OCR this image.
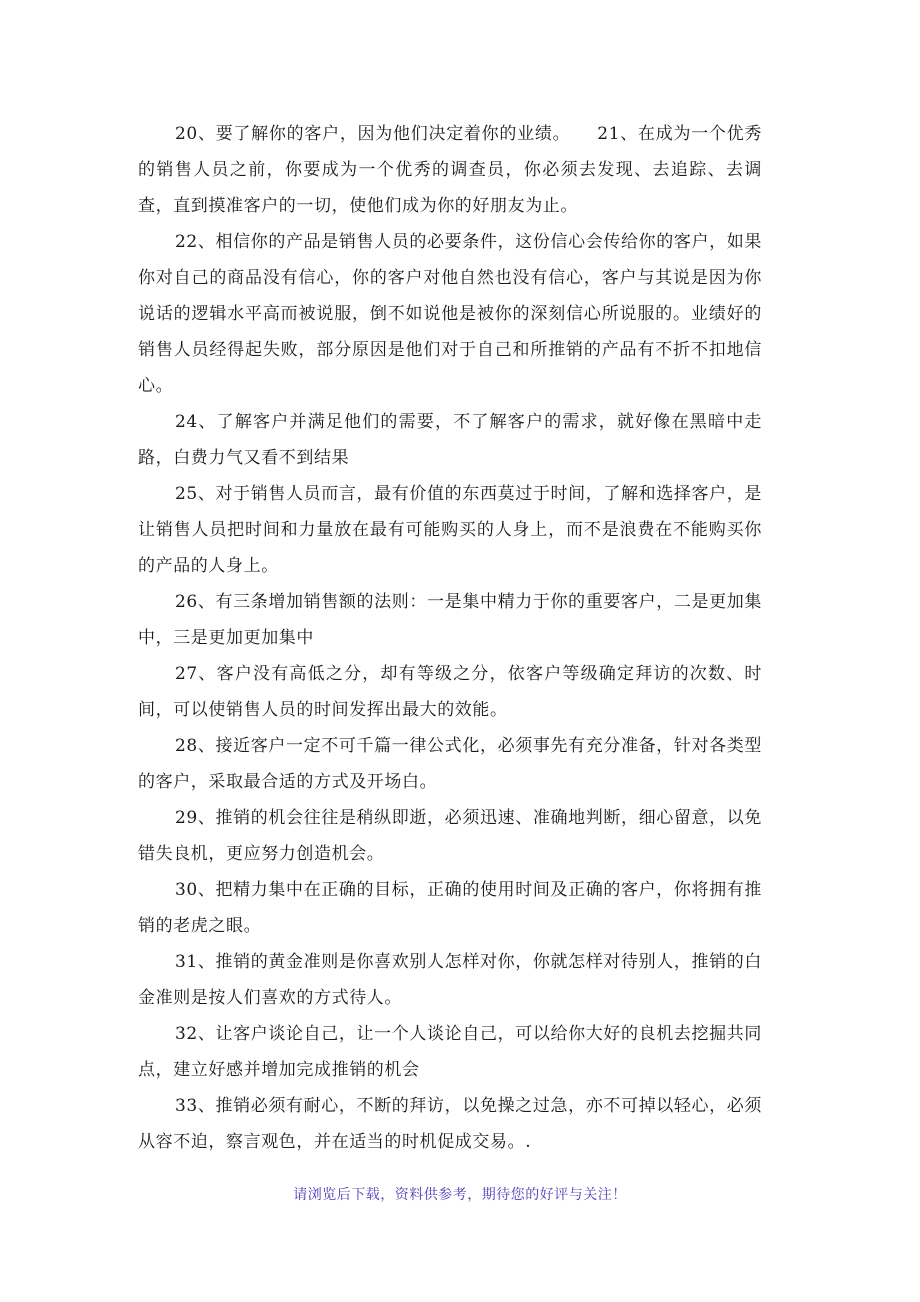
20、要了解你的客户，因为他们决定着你的业绩。　　21、在成为一个优秀的销售人员之前，你要成为一个优秀的调查员，你必须去发现、去追踪、去调查，直到摸准客户的一切，使他们成为你的好朋友为止。

22、相信你的产品是销售人员的必要条件，这份信心会传给你的客户，如果你对自己的商品没有信心，你的客户对他自然也没有信心，客户与其说是因为你说话的逻辑水平高而被说服，倒不如说他是被你的深刻信心所说服的。业绩好的销售人员经得起失败，部分原因是他们对于自己和所推销的产品有不折不扣地信心。

24、了解客户并满足他们的需要，不了解客户的需求，就好像在黑暗中走路，白费力气又看不到结果

25、对于销售人员而言，最有价值的东西莫过于时间，了解和选择客户，是让销售人员把时间和力量放在最有可能购买的人身上，而不是浪费在不能购买你的产品的人身上。

26、有三条增加销售额的法则：一是集中精力于你的重要客户，二是更加集中，三是更加更加集中

27、客户没有高低之分，却有等级之分，依客户等级确定拜访的次数、时间，可以使销售人员的时间发挥出最大的效能。

28、接近客户一定不可千篇一律公式化，必须事先有充分准备，针对各类型的客户，采取最合适的方式及开场白。

29、推销的机会往往是稍纵即逝，必须迅速、准确地判断，细心留意，以免错失良机，更应努力创造机会。

30、把精力集中在正确的目标，正确的使用时间及正确的客户，你将拥有推销的老虎之眼。

31、推销的黄金准则是你喜欢别人怎样对你，你就怎样对待别人，推销的白金准则是按人们喜欢的方式待人。

32、让客户谈论自己，让一个人谈论自己，可以给你大好的良机去挖掘共同点，建立好感并增加完成推销的机会

33、推销必须有耐心，不断的拜访，以免操之过急，亦不可掉以轻心，必须从容不迫，察言观色，并在适当的时机促成交易。.

请浏览后下载，资料供参考，期待您的好评与关注！
